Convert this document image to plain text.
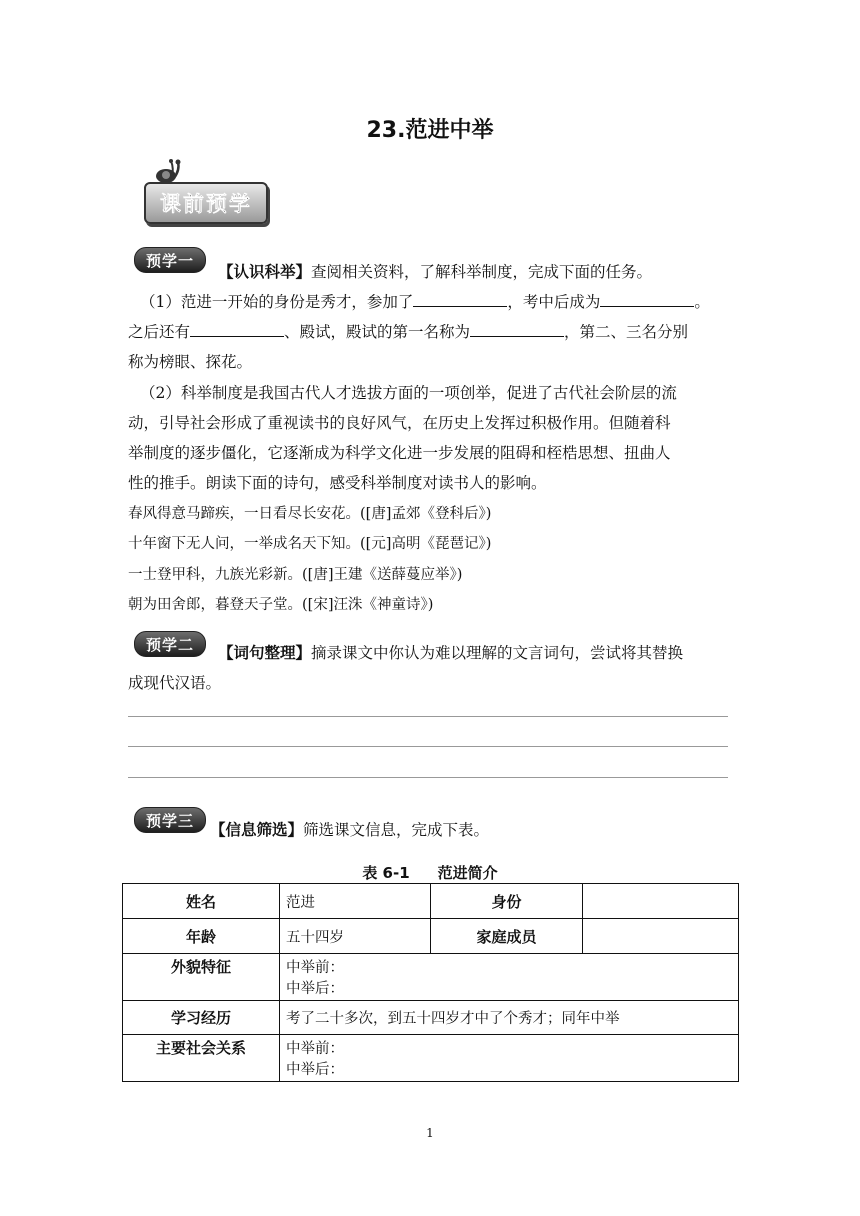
23.范进中举
课前预学
预学一
【认识科举】查阅相关资料，了解科举制度，完成下面的任务。
（1）范进一开始的身份是秀才，参加了	，考中后成为	。
之后还有	、殿试，殿试的第一名称为	，第二、三名分别
称为榜眼、探花。
（2）科举制度是我国古代人才选拔方面的一项创举，促进了古代社会阶层的流
动，引导社会形成了重视读书的良好风气，在历史上发挥过积极作用。但随着科
举制度的逐步僵化，它逐渐成为科学文化进一步发展的阻碍和桎梏思想、扭曲人
性的推手。朗读下面的诗句，感受科举制度对读书人的影响。
春风得意马蹄疾，一日看尽长安花。([唐]孟郊《登科后》)
十年窗下无人问，一举成名天下知。([元]高明《琵琶记》)
一士登甲科，九族光彩新。([唐]王建《送薛蔓应举》)
朝为田舍郎，暮登天子堂。([宋]汪洙《神童诗》)
预学二	【词句整理】摘录课文中你认为难以理解的文言词句，尝试将其替换
成现代汉语。
预学三
【信息筛选】筛选课文信息，完成下表。
表 6-1 范进简介
姓名	范进	身份	
年龄	五十四岁	家庭成员	
外貌特征	中举前：
中举后：		

学习经历	考了二十多次，到五十四岁才中了个秀才；同年中举		
主要社会关系	中举前：
中举后：		
1
